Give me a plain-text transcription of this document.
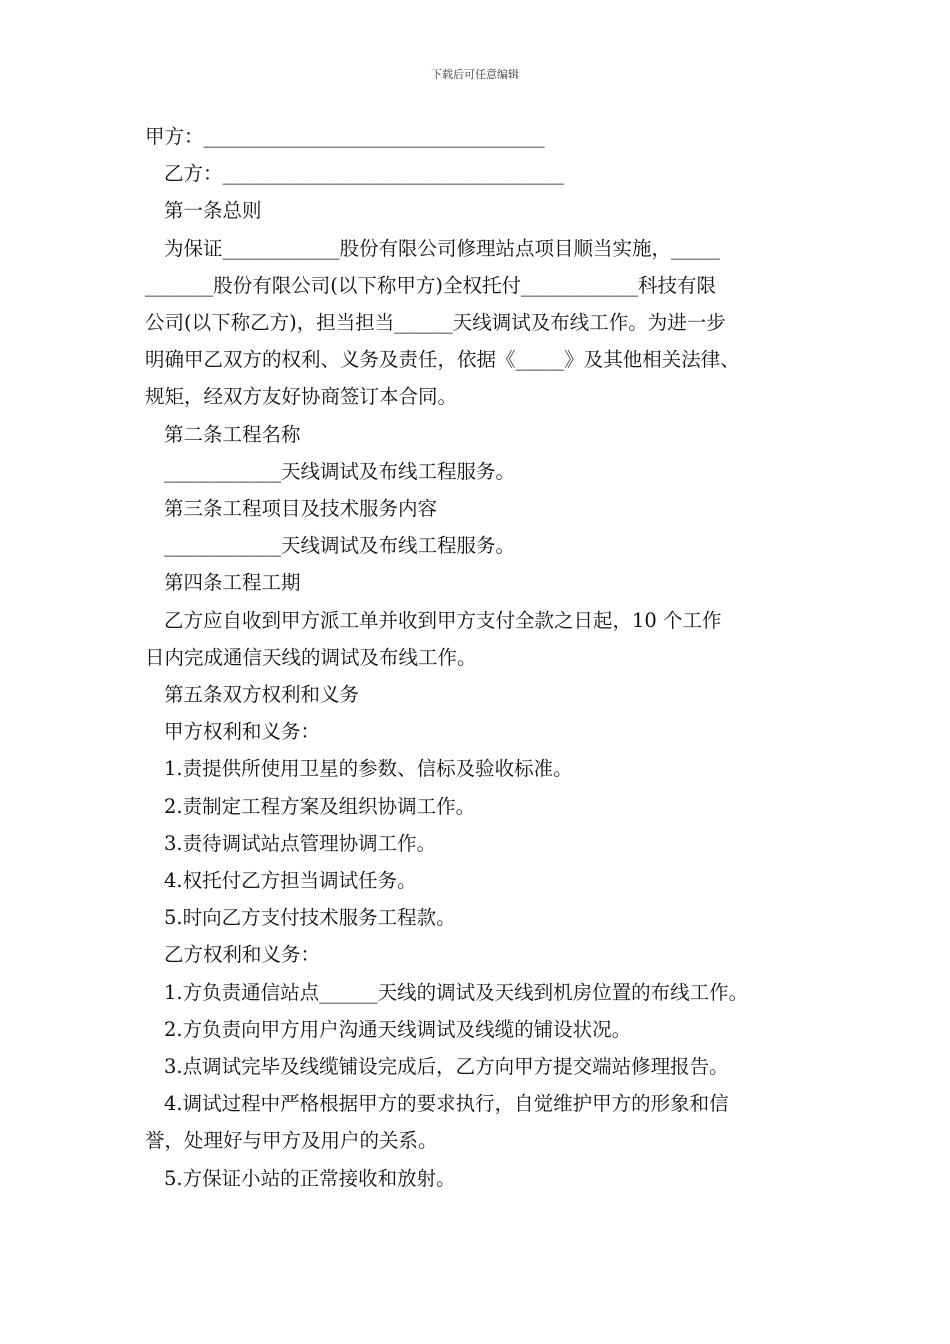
下载后可任意编辑

甲方：___________________________________

乙方：___________________________________

第一条总则

为保证____________股份有限公司修理站点项目顺当实施，_____

_______股份有限公司(以下称甲方)全权托付____________科技有限

公司(以下称乙方)，担当担当______天线调试及布线工作。为进一步

明确甲乙双方的权利、义务及责任，依据《_____》及其他相关法律、

规矩，经双方友好协商签订本合同。

第二条工程名称

____________天线调试及布线工程服务。

第三条工程项目及技术服务内容

____________天线调试及布线工程服务。

第四条工程工期

乙方应自收到甲方派工单并收到甲方支付全款之日起，10 个工作

日内完成通信天线的调试及布线工作。

第五条双方权利和义务

甲方权利和义务：

1.责提供所使用卫星的参数、信标及验收标准。

2.责制定工程方案及组织协调工作。

3.责待调试站点管理协调工作。

4.权托付乙方担当调试任务。

5.时向乙方支付技术服务工程款。

乙方权利和义务：

1.方负责通信站点______天线的调试及天线到机房位置的布线工作。

2.方负责向甲方用户沟通天线调试及线缆的铺设状况。

3.点调试完毕及线缆铺设完成后，乙方向甲方提交端站修理报告。

4.调试过程中严格根据甲方的要求执行，自觉维护甲方的形象和信

誉，处理好与甲方及用户的关系。

5.方保证小站的正常接收和放射。
